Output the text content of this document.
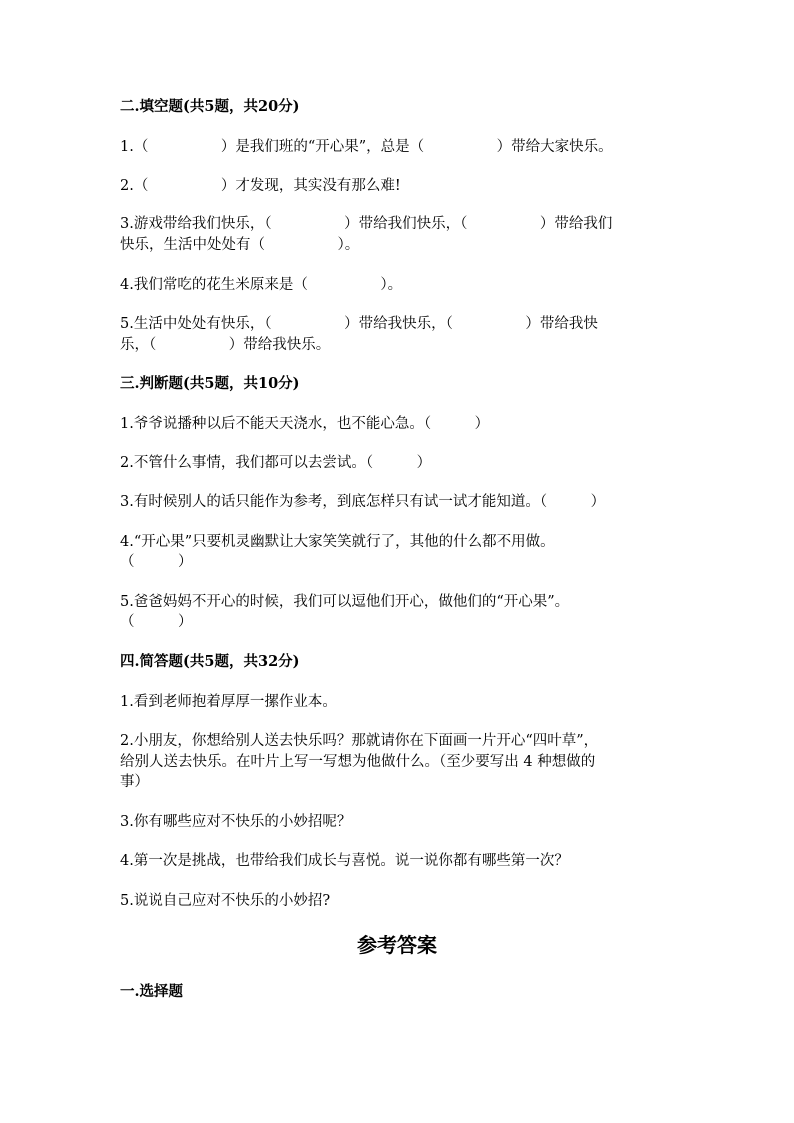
二.填空题(共5题，共20分)
1.（　　　　　）是我们班的“开心果”，总是（　　　　　）带给大家快乐。
2.（　　　　　）才发现，其实没有那么难!
3.游戏带给我们快乐，（　　　　　）带给我们快乐，（　　　　　）带给我们
快乐，生活中处处有（　　　　　）。
4.我们常吃的花生米原来是（　　　　　）。
5.生活中处处有快乐，（　　　　　）带给我快乐，（　　　　　）带给我快
乐，（　　　　　）带给我快乐。
三.判断题(共5题，共10分)
1.爷爷说播种以后不能天天浇水，也不能心急。（　　　）
2.不管什么事情，我们都可以去尝试。（　　　）
3.有时候别人的话只能作为参考，到底怎样只有试一试才能知道。（　　　）
4.“开心果”只要机灵幽默让大家笑笑就行了，其他的什么都不用做。
（　　　）
5.爸爸妈妈不开心的时候，我们可以逗他们开心，做他们的“开心果”。
（　　　）
四.简答题(共5题，共32分)
1.看到老师抱着厚厚一摞作业本。
2.小朋友，你想给别人送去快乐吗？那就请你在下面画一片开心“四叶草”，
给别人送去快乐。在叶片上写一写想为他做什么。（至少要写出 4 种想做的
事）
3.你有哪些应对不快乐的小妙招呢？
4.第一次是挑战，也带给我们成长与喜悦。说一说你都有哪些第一次？
5.说说自己应对不快乐的小妙招?
参考答案
一.选择题
